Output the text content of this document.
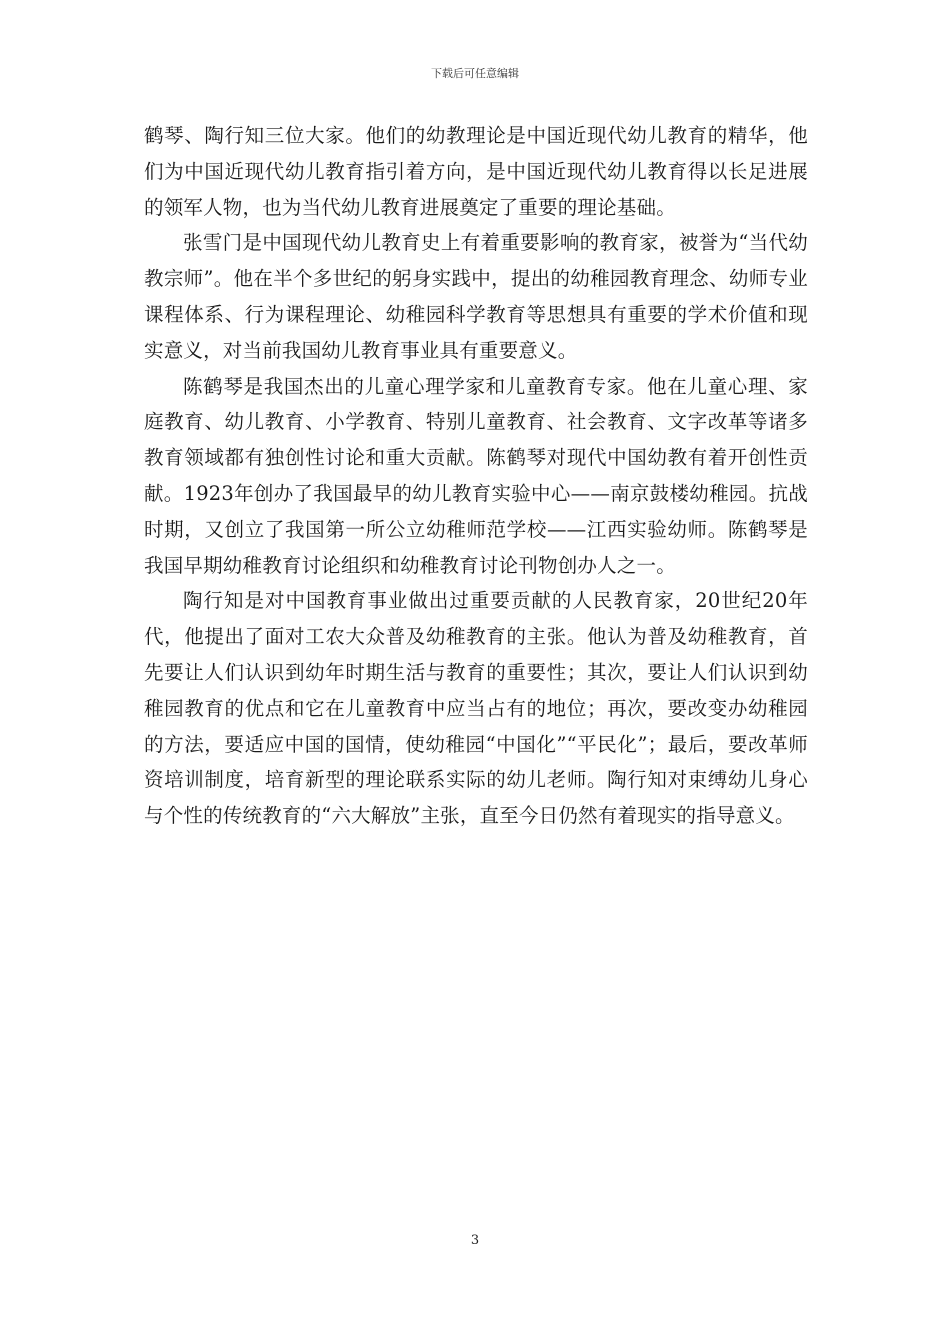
下载后可任意编辑

鹤琴、陶行知三位大家。他们的幼教理论是中国近现代幼儿教育的精华，他们为中国近现代幼儿教育指引着方向，是中国近现代幼儿教育得以长足进展的领军人物，也为当代幼儿教育进展奠定了重要的理论基础。

张雪门是中国现代幼儿教育史上有着重要影响的教育家，被誉为“当代幼教宗师”。他在半个多世纪的躬身实践中，提出的幼稚园教育理念、幼师专业课程体系、行为课程理论、幼稚园科学教育等思想具有重要的学术价值和现实意义，对当前我国幼儿教育事业具有重要意义。

陈鹤琴是我国杰出的儿童心理学家和儿童教育专家。他在儿童心理、家庭教育、幼儿教育、小学教育、特别儿童教育、社会教育、文字改革等诸多教育领域都有独创性讨论和重大贡献。陈鹤琴对现代中国幼教有着开创性贡献。1923年创办了我国最早的幼儿教育实验中心——南京鼓楼幼稚园。抗战时期，又创立了我国第一所公立幼稚师范学校——江西实验幼师。陈鹤琴是我国早期幼稚教育讨论组织和幼稚教育讨论刊物创办人之一。

陶行知是对中国教育事业做出过重要贡献的人民教育家，20世纪20年代，他提出了面对工农大众普及幼稚教育的主张。他认为普及幼稚教育，首先要让人们认识到幼年时期生活与教育的重要性；其次，要让人们认识到幼稚园教育的优点和它在儿童教育中应当占有的地位；再次，要改变办幼稚园的方法，要适应中国的国情，使幼稚园“中国化”“平民化”；最后，要改革师资培训制度，培育新型的理论联系实际的幼儿老师。陶行知对束缚幼儿身心与个性的传统教育的“六大解放”主张，直至今日仍然有着现实的指导意义。

3
